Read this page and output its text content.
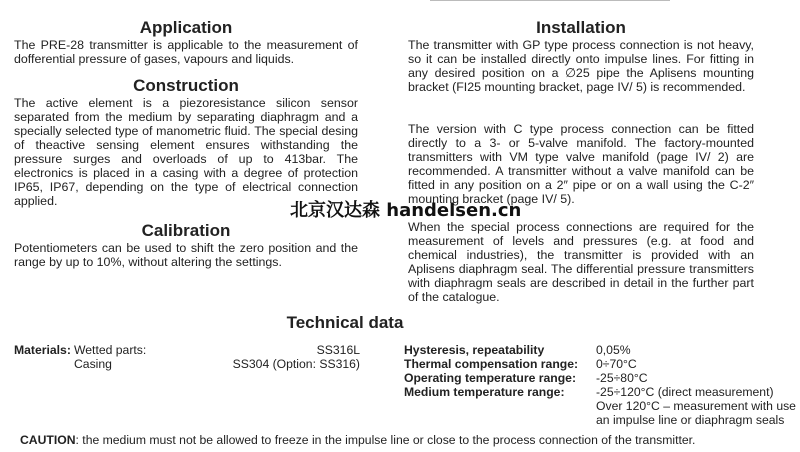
Application

The PRE-28 transmitter is applicable to the measurement of dofferential pressure of gases, vapours and liquids.

Construction

The active element is a piezoresistance silicon sensor separated from the medium by separating diaphragm and a specially selected type of manometric fluid. The special desing of theactive sensing element ensures withstanding the pressure surges and overloads of up to 413bar. The electronics is placed in a casing with a degree of protection IP65, IP67, depending on the type of electrical connection applied.

Calibration

Potentiometers can be used to shift the zero position and the range by up to 10%, without altering the settings.

Installation

The transmitter with GP type process connection is not heavy, so it can be installed directly onto impulse lines. For fitting in any desired position on a ∅25 pipe the Aplisens mounting bracket (FI25 mounting bracket, page IV/ 5) is recommended.

The version with C type process connection can be fitted directly to a 3- or 5-valve manifold. The factory-mounted transmitters with VM type valve manifold (page IV/ 2) are recommended. A transmitter without a valve manifold can be fitted in any position on a 2″ pipe or on a wall using the C-2″ mounting bracket (page IV/ 5).

When the special process connections are required for the measurement of levels and pressures (e.g. at food and chemical industries), the transmitter is provided with an Aplisens diaphragm seal. The differential pressure transmitters with diaphragm seals are described in detail in the further part of the catalogue.

北京汉达森 handelsen.cn
Technical data
Materials: Wetted parts:	SS316L
Casing	SS304 (Option: SS316)
Hysteresis, repeatability	0,05%
Thermal compensation range: 0÷70°C
Operating temperature range: -25÷80°C
Medium temperature range:	-25÷120°C (direct measurement)
Over 120°C – measurement with use
an impulse line or diaphragm seals
CAUTION: the medium must not be allowed to freeze in the impulse line or close to the process connection of the transmitter.
